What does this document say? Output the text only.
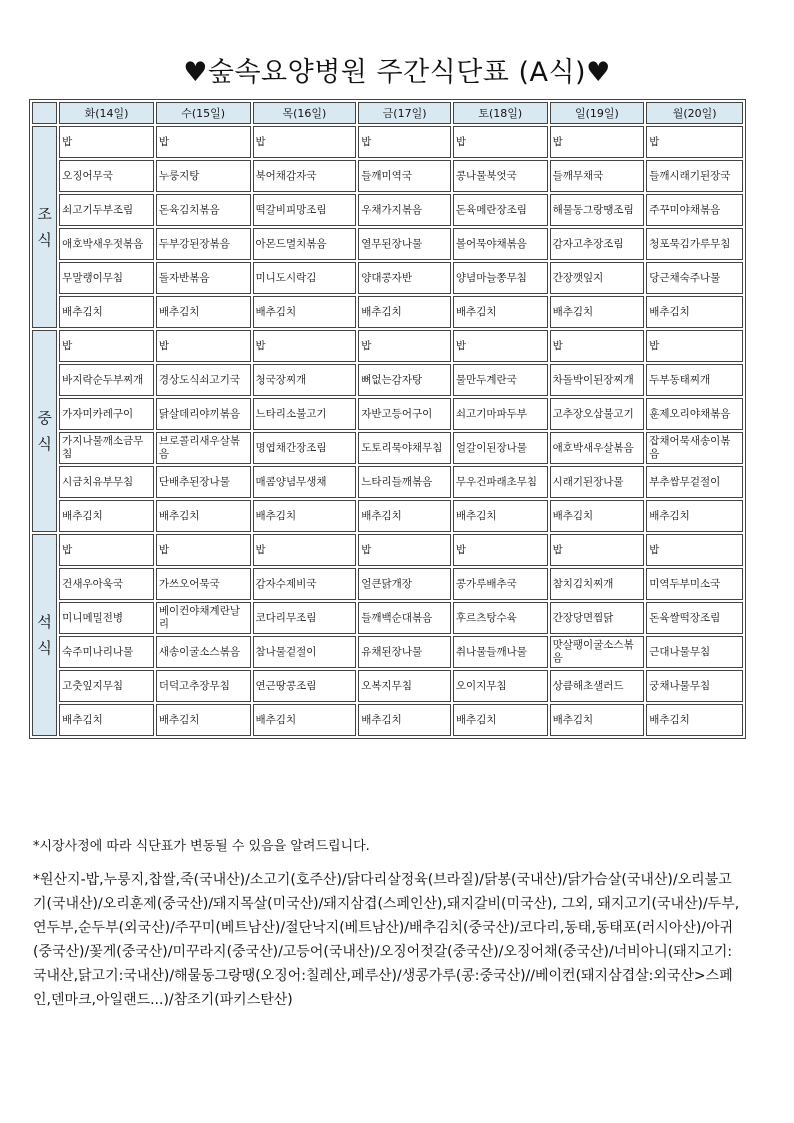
♥숲속요양병원 주간식단표 (A식)♥
	화(14일)	수(15일)	목(16일)	금(17일)	토(18일)	일(19일)	월(20일)
조
식	밥	밥	밥	밥	밥	밥	밥
	오징어무국	누룽지탕	북어채감자국	들깨미역국	콩나물북엇국	들깨무채국	들깨시래기된장국
	쇠고기두부조림	돈육김치볶음	떡갈비피망조림	우채가지볶음	돈육메란장조림	해물동그랑땡조림	주꾸미야채볶음
	애호박새우젓볶음	두부강된장볶음	아몬드멸치볶음	열무된장나물	볼어묵야채볶음	감자고추장조림	청포묵김가루무침
	무말랭이무침	돌자반볶음	미니도시락김	양대콩자반	양념마늘쫑무침	간장깻잎지	당근채숙주나물
	배추김치	배추김치	배추김치	배추김치	배추김치	배추김치	배추김치
중
식	밥	밥	밥	밥	밥	밥	밥
	바지락순두부찌개	경상도식쇠고기국	청국장찌개	뼈없는감자탕	물만두계란국	차돌박이된장찌개	두부동태찌개
	가자미카레구이	닭살데리야끼볶음	느타리소불고기	자반고등어구이	쇠고기마파두부	고추장오삼불고기	훈제오리야채볶음
	가지나물깨소금무침	브로콜리새우살볶음	명엽채간장조림	도토리묵야채무침	얼갈이된장나물	애호박새우살볶음	잡채어묵새송이볶음
	시금치유부무침	단배추된장나물	매콤양념무생채	느타리들깨볶음	무우건파래초무침	시래기된장나물	부추쌈무겉절이
	배추김치	배추김치	배추김치	배추김치	배추김치	배추김치	배추김치
석
식	밥	밥	밥	밥	밥	밥	밥
	건새우아욱국	가쓰오어묵국	감자수제비국	얼큰닭개장	콩가루배추국	참치김치찌개	미역두부미소국
	미니메밀전병	베이컨야채계란날리	코다리무조림	들깨백순대볶음	후르츠탕수육	간장당면찜닭	돈육쌀떡장조림
	숙주미나리나물	새송이굴소스볶음	참나물겉절이	유채된장나물	취나물들깨나물	맛살팽이굴소스볶음	근대나물무침
	고춧잎지무침	더덕고추장무침	연근땅콩조림	오복지무침	오이지무침	상큼해초샐러드	궁채나물무침
	배추김치	배추김치	배추김치	배추김치	배추김치	배추김치	배추김치
*시장사정에 따라 식단표가 변동될 수 있음을 알려드립니다.
*원산지-밥,누룽지,찹쌀,죽(국내산)/소고기(호주산)/닭다리살정육(브라질)/닭봉(국내산)/닭가슴살(국내산)/오리불고기(국내산)/오리훈제(중국산)/돼지목살(미국산)/돼지삼겹(스페인산),돼지갈비(미국산), 그외, 돼지고기(국내산)/두부,연두부,순두부(외국산)/주꾸미(베트남산)/절단낙지(베트남산)/배추김치(중국산)/코다리,동태,동태포(러시아산)/아귀(중국산)/꽃게(중국산)/미꾸라지(중국산)/고등어(국내산)/오징어젓갈(중국산)/오징어채(중국산)/너비아니(돼지고기:국내산,닭고기:국내산)/해물동그랑땡(오징어:칠레산,페루산)/생콩가루(콩:중국산)//베이컨(돼지삼겹살:외국산>스페인,덴마크,아일랜드...)/참조기(파키스탄산)
